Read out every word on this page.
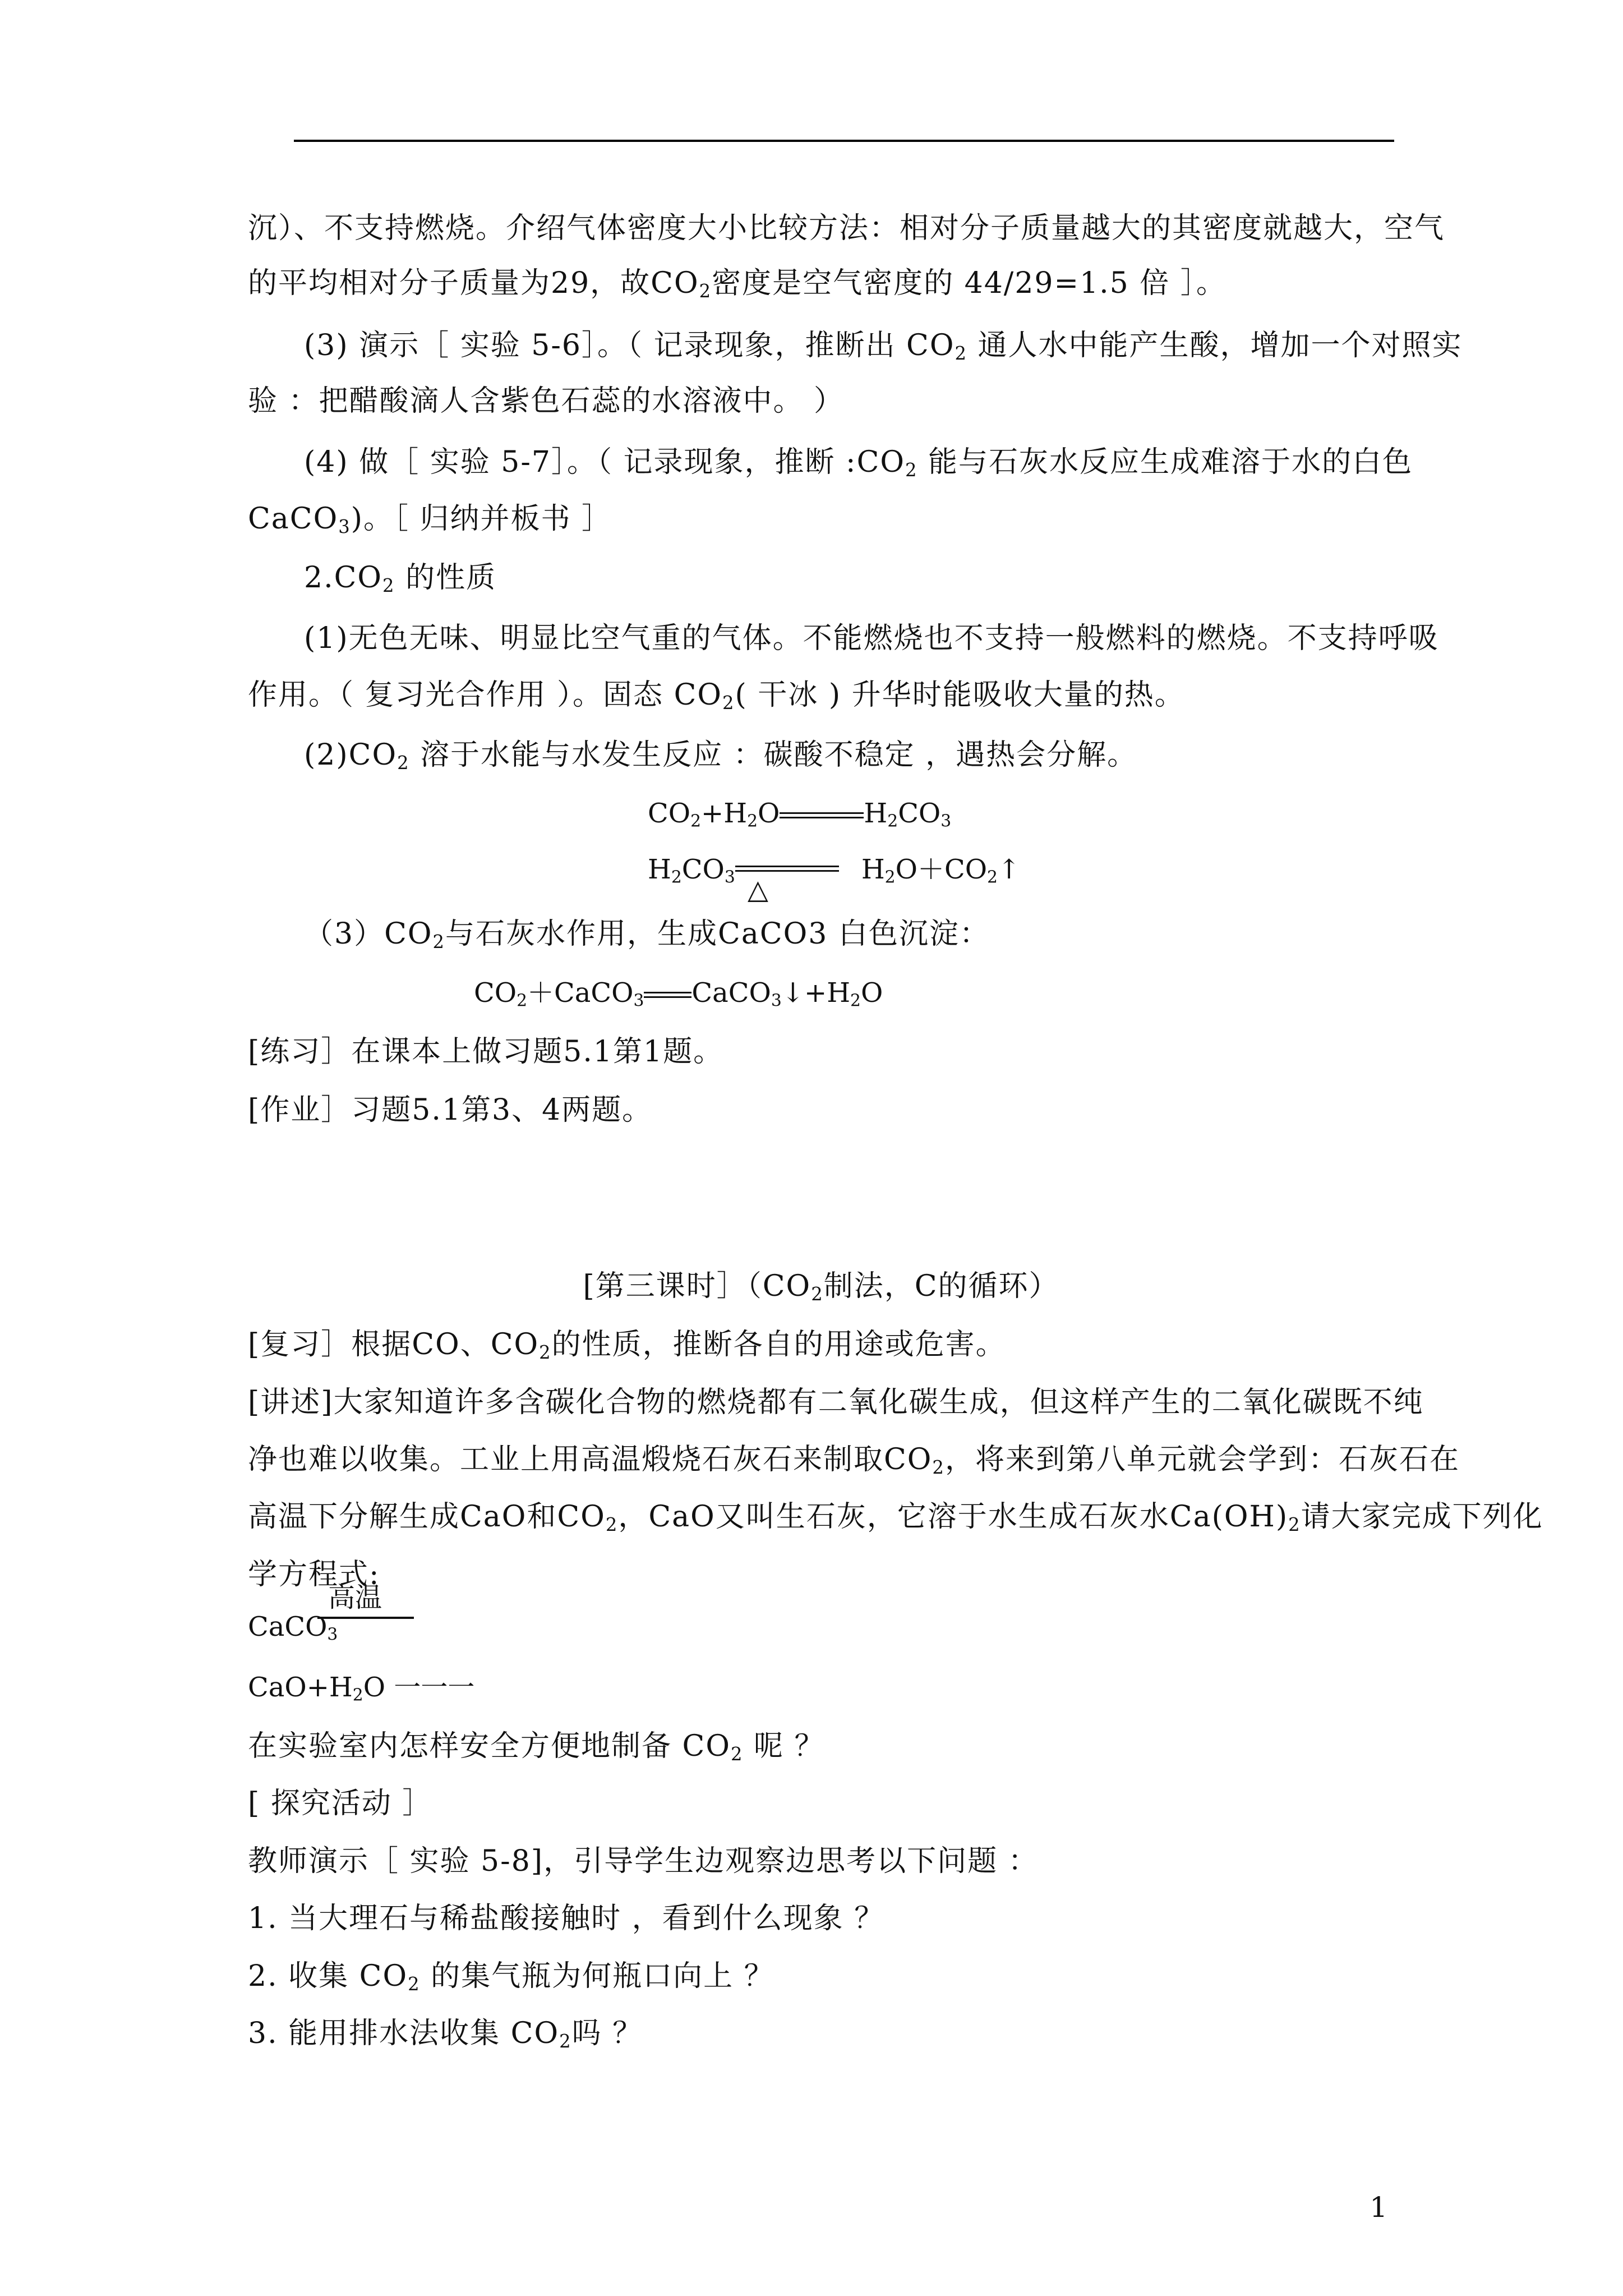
沉）、不支持燃烧。介绍气体密度大小比较方法：相对分子质量越大的其密度就越大，空气
的平均相对分子质量为29，故$CO_2$密度是空气密度的 44/29=1.5 倍 ］。
(3) 演示［ 实验 5-6］。（ 记录现象，推断出 $CO_2$ 通人水中能产生酸，增加一个对照实
验 ：把醋酸滴人含紫色石蕊的水溶液中。 ）
(4) 做［ 实验 5-7］。（ 记录现象，推断 $:CO_2$ 能与石灰水反应生成难溶于水的白色
CaCO$_3$)。［ 归纳并板书 ］
$2.CO_2$ 的性质
(1)无色无味、明显比空气重的气体。不能燃烧也不支持一般燃料的燃烧。不支持呼吸
作用。（ 复习光合作用 ）。固态 $CO_2$( 干冰 ) 升华时能吸收大量的热。
$(2)CO_2$ 溶于水能与水发生反应 ：碳酸不稳定 ，遇热会分解。
$CO_2+H_2O$	$H_2CO_3$
$H_2CO_3$	$H_2O+CO_2↑$
△
$(3)CO_2$与石灰水作用，生成CaCO3 白色沉淀：
$CO_2+CaCO_3$ $CaCO_3↓+H_2O$
[练习］在课本上做习题5.1第1题。
[作业］习题5.1第3、4两题。
[第三课时$](CO_2$制法，C的循环）
[复习］根据CO、$CO_2$的性质，推断各自的用途或危害。
[讲述]大家知道许多含碳化合物的燃烧都有二氧化碳生成，但这样产生的二氧化碳既不纯
净也难以收集。工业上用高温煅烧石灰石来制取$CO_2$，将来到第八单元就会学到：石灰石在
高温下分解生成CaO和$CO_2$，CaO又叫生石灰，它溶于水生成石灰水$Ca(OH)_2$请大家完成下列化
学方程式:
高温
CaCO$_3$
$CaO+H_2O$ 一一一
在实验室内怎样安全方便地制备 $CO_2$ 呢 ？
[ 探究活动 ］
教师演示［ 实验 5-8]，引导学生边观察边思考以下问题 ：
1. 当大理石与稀盐酸接触时 ，看到什么现象 ？
2. 收集 $CO_2$ 的集气瓶为何瓶口向上 ？
3. 能用排水法收集 $CO_2$吗 ？
1
